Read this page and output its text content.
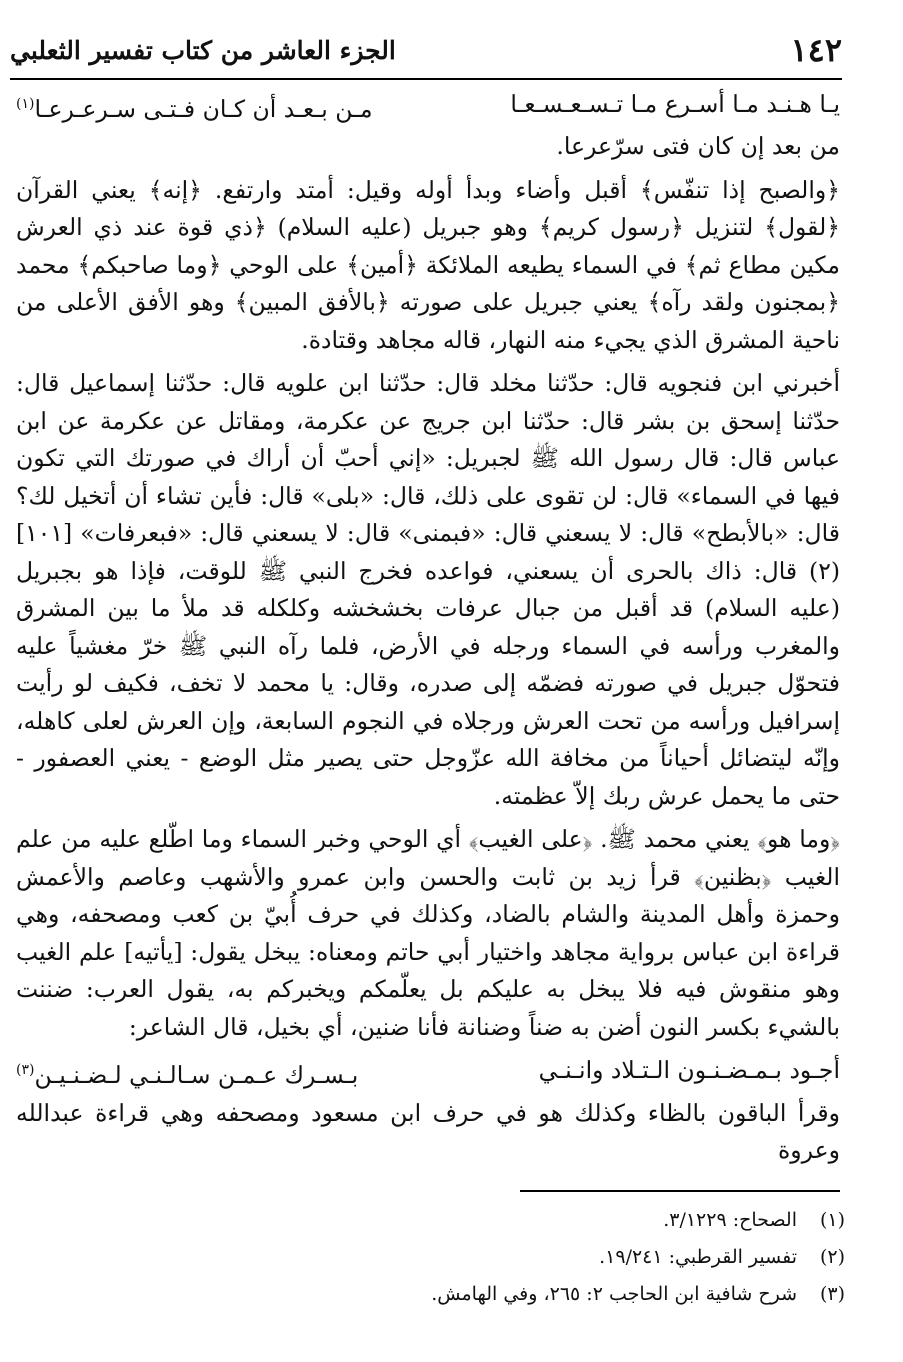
الجزء العاشر من كتاب تفسير الثعلبي	١٤٢
يـا هـنـد مـا أسـرع مـا تـسـعـسـعـا
مـن بـعـد أن كـان فـتـى سـرعـرعـا$^{(١)}$

من بعد إن كان فتى سرّعرعا.

﴿والصبح إذا تنفّس﴾ أقبل وأضاء وبدأ أوله وقيل: أمتد وارتفع. ﴿إنه﴾ يعني القرآن ﴿لقول﴾ لتنزيل ﴿رسول كريم﴾ وهو جبريل (عليه السلام) ﴿ذي قوة عند ذي العرش مكين مطاع ثم﴾ في السماء يطيعه الملائكة ﴿أمين﴾ على الوحي ﴿وما صاحبكم﴾ محمد ﴿بمجنون ولقد رآه﴾ يعني جبريل على صورته ﴿بالأفق المبين﴾ وهو الأفق الأعلى من ناحية المشرق الذي يجيء منه النهار، قاله مجاهد وقتادة.

أخبرني ابن فنجويه قال: حدّثنا مخلد قال: حدّثنا ابن علويه قال: حدّثنا إسماعيل قال: حدّثنا إسحق بن بشر قال: حدّثنا ابن جريج عن عكرمة، ومقاتل عن عكرمة عن ابن عباس قال: قال رسول الله ﷺ لجبريل: «إني أحبّ أن أراك في صورتك التي تكون فيها في السماء» قال: لن تقوى على ذلك، قال: «بلى» قال: فأين تشاء أن أتخيل لك؟ قال: «بالأبطح» قال: لا يسعني قال: «فبمنى» قال: لا يسعني قال: «فبعرفات» [١٠١](٢) قال: ذاك بالحرى أن يسعني، فواعده فخرج النبي ﷺ للوقت، فإذا هو بجبريل (عليه السلام) قد أقبل من جبال عرفات بخشخشه وكلكله قد ملأ ما بين المشرق والمغرب ورأسه في السماء ورجله في الأرض، فلما رآه النبي ﷺ خرّ مغشياً عليه فتحوّل جبريل في صورته فضمّه إلى صدره، وقال: يا محمد لا تخف، فكيف لو رأيت إسرافيل ورأسه من تحت العرش ورجلاه في النجوم السابعة، وإن العرش لعلى كاهله، وإنّه ليتضائل أحياناً من مخافة الله عزّوجل حتى يصير مثل الوضع - يعني العصفور - حتى ما يحمل عرش ربك إلاّ عظمته.

﴿وما هو﴾ يعني محمد ﷺ. ﴿على الغيب﴾ أي الوحي وخبر السماء وما اطّلع عليه من علم الغيب ﴿بظنين﴾ قرأ زيد بن ثابت والحسن وابن عمرو والأشهب وعاصم والأعمش وحمزة وأهل المدينة والشام بالضاد، وكذلك في حرف أُبيّ بن كعب ومصحفه، وهي قراءة ابن عباس برواية مجاهد واختيار أبي حاتم ومعناه: يبخل يقول: [يأتيه] علم الغيب وهو منقوش فيه فلا يبخل به عليكم بل يعلّمكم ويخبركم به، يقول العرب: ضننت بالشيء بكسر النون أضن به ضناً وضنانة فأنا ضنين، أي بخيل، قال الشاعر:

أجـود بـمـضـنـون الـتـلاد وانـنـي
بـسـرك عـمـن سـالـنـي لـضـنـيـن$^{(٣)}$

وقرأ الباقون بالظاء وكذلك هو في حرف ابن مسعود ومصحفه وهي قراءة عبدالله وعروة

(١)
الصحاح: ٣/١٢٢٩.
(٢)
تفسير القرطبي: ١٩/٢٤١.
(٣)
شرح شافية ابن الحاجب ٢: ٢٦٥، وفي الهامش.
